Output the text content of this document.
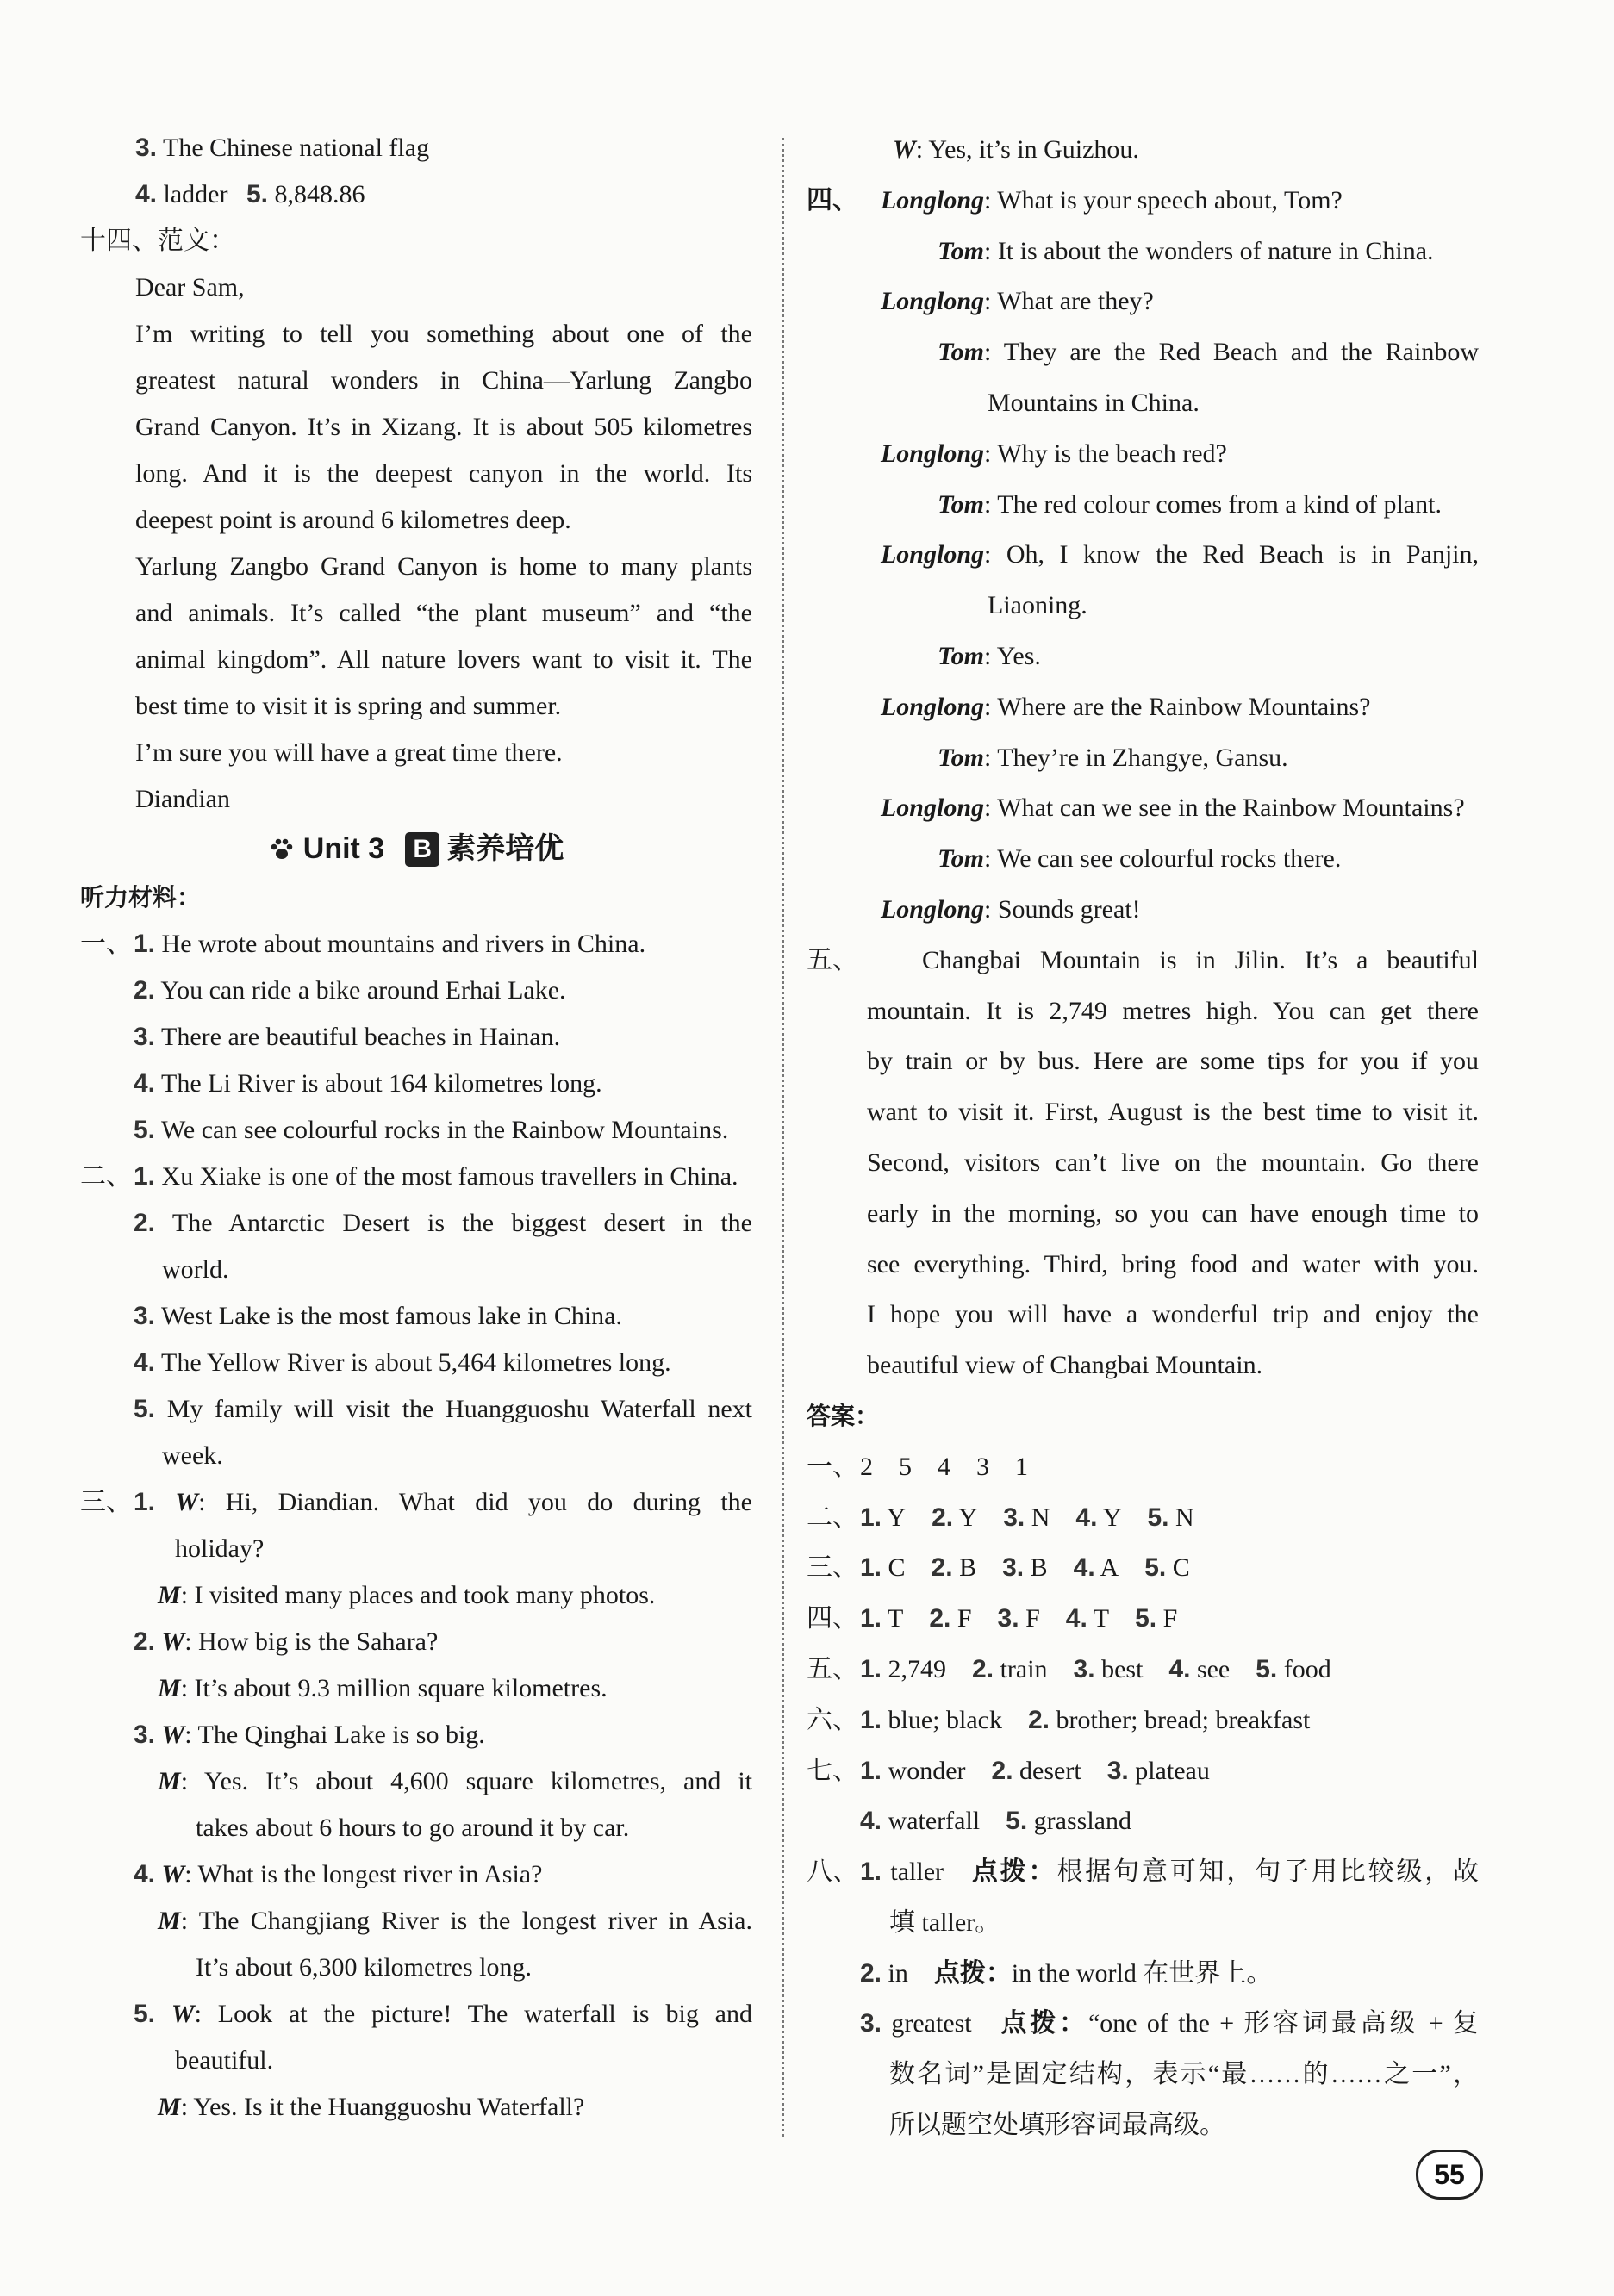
3. The Chinese national flag
4. ladder 5. 8,848.86
十四、范文：
Dear Sam,
I’m writing to tell you something about one of the
greatest natural wonders in China—Yarlung Zangbo
Grand Canyon. It’s in Xizang. It is about 505 kilometres
long. And it is the deepest canyon in the world. Its
deepest point is around 6 kilometres deep.
Yarlung Zangbo Grand Canyon is home to many plants
and animals. It’s called “the plant museum” and “the
animal kingdom”. All nature lovers want to visit it. The
best time to visit it is spring and summer.
I’m sure you will have a great time there.
Diandian
Unit 3 B 素养培优
听力材料：
一、 1. He wrote about mountains and rivers in China.
2. You can ride a bike around Erhai Lake.
3. There are beautiful beaches in Hainan.
4. The Li River is about 164 kilometres long.
5. We can see colourful rocks in the Rainbow Mountains.
二、 1. Xu Xiake is one of the most famous travellers in China.
2. The Antarctic Desert is the biggest desert in the
world.
3. West Lake is the most famous lake in China.
4. The Yellow River is about 5,464 kilometres long.
5. My family will visit the Huangguoshu Waterfall next
week.
三、 1. W: Hi, Diandian. What did you do during the
holiday?
M: I visited many places and took many photos.
2. W: How big is the Sahara?
M: It’s about 9.3 million square kilometres.
3. W: The Qinghai Lake is so big.
M: Yes. It’s about 4,600 square kilometres, and it
takes about 6 hours to go around it by car.
4. W: What is the longest river in Asia?
M: The Changjiang River is the longest river in Asia.
It’s about 6,300 kilometres long.
5. W: Look at the picture! The waterfall is big and
beautiful.
M: Yes. Is it the Huangguoshu Waterfall?
W: Yes, it’s in Guizhou.
四、 Longlong : What is your speech about, Tom?
Tom : It is about the wonders of nature in China.
Longlong : What are they?
Tom : They are the Red Beach and the Rainbow
Mountains in China.
Longlong : Why is the beach red?
Tom : The red colour comes from a kind of plant.
Longlong : Oh, I know the Red Beach is in Panjin,
Liaoning.
Tom : Yes.
Longlong : Where are the Rainbow Mountains?
Tom : They’re in Zhangye, Gansu.
Longlong : What can we see in the Rainbow Mountains?
Tom : We can see colourful rocks there.
Longlong : Sounds great!
五、 Changbai Mountain is in Jilin. It’s a beautiful
mountain. It is 2,749 metres high. You can get there
by train or by bus. Here are some tips for you if you
want to visit it. First, August is the best time to visit it.
Second, visitors can’t live on the mountain. Go there
early in the morning, so you can have enough time to
see everything. Third, bring food and water with you.
I hope you will have a wonderful trip and enjoy the
beautiful view of Changbai Mountain.
答案：
一、 2　5　4　3　1
二、 1. Y  2. Y  3. N  4. Y  5. N
三、 1. C  2. B  3. B  4. A  5. C
四、 1. T  2. F  3. F  4. T  5. F
五、 1. 2,749  2. train  3. best  4. see  5. food
六、 1. blue; black  2. brother; bread; breakfast
七、 1. wonder  2. desert  3. plateau
4. waterfall  5. grassland
八、 1. taller  点拨：根据句意可知，句子用比较级，故
填 taller。
2. in  点拨：in the world 在世界上。
3. greatest  点拨：“one of the + 形容词最高级 + 复
数名词”是固定结构，表示“最……的……之一”，
所以题空处填形容词最高级。
55
